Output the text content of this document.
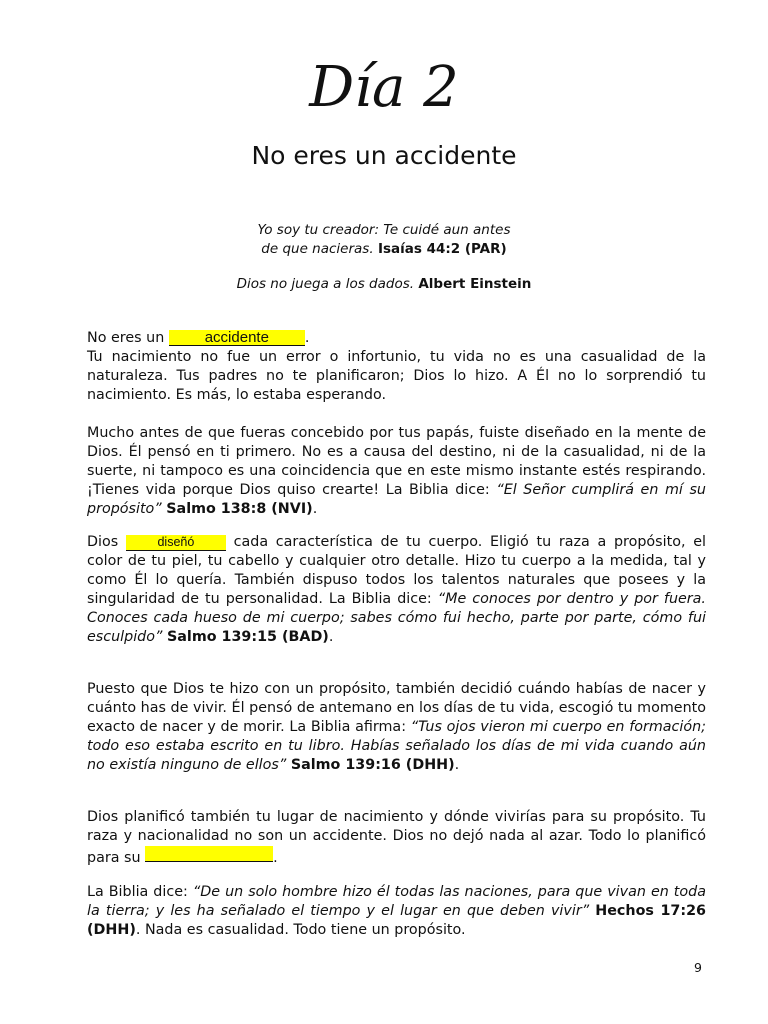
Día 2
No eres un accidente
Yo soy tu creador: Te cuidé aun antes
de que nacieras. Isaías 44:2 (PAR)
Dios no juega a los dados. Albert Einstein
No eres un accidente	.
Tu nacimiento no fue un error o infortunio, tu vida no es una casualidad de la naturaleza. Tus padres no te planificaron; Dios lo hizo. A Él no lo sorprendió tu nacimiento. Es más, lo estaba esperando.
Mucho antes de que fueras concebido por tus papás, fuiste diseñado en la mente de Dios. Él pensó en ti primero. No es a causa del destino, ni de la casualidad, ni de la suerte, ni tampoco es una coincidencia que en este mismo instante estés respirando. ¡Tienes vida porque Dios quiso crearte! La Biblia dice: “El Señor cumplirá en mí su propósito” Salmo 138:8 (NVI).
Dios	diseñó cada característica de tu cuerpo. Eligió tu raza a propósito, el color de tu piel, tu cabello y cualquier otro detalle. Hizo tu cuerpo a la medida, tal y como Él lo quería. También dispuso todos los talentos naturales que posees y la singularidad de tu personalidad. La Biblia dice: “Me conoces por dentro y por fuera. Conoces cada hueso de mi cuerpo; sabes cómo fui hecho, parte por parte, cómo fui esculpido” Salmo 139:15 (BAD).
Puesto que Dios te hizo con un propósito, también decidió cuándo habías de nacer y cuánto has de vivir. Él pensó de antemano en los días de tu vida, escogió tu momento exacto de nacer y de morir. La Biblia afirma: “Tus ojos vieron mi cuerpo en formación; todo eso estaba escrito en tu libro. Habías señalado los días de mi vida cuando aún no existía ninguno de ellos” Salmo 139:16 (DHH).
Dios planificó también tu lugar de nacimiento y dónde vivirías para su propósito. Tu raza y nacionalidad no son un accidente. Dios no dejó nada al azar. Todo lo planificó para su	.
La Biblia dice: “De un solo hombre hizo él todas las naciones, para que vivan en toda la tierra; y les ha señalado el tiempo y el lugar en que deben vivir” Hechos 17:26 (DHH). Nada es casualidad. Todo tiene un propósito.
9
